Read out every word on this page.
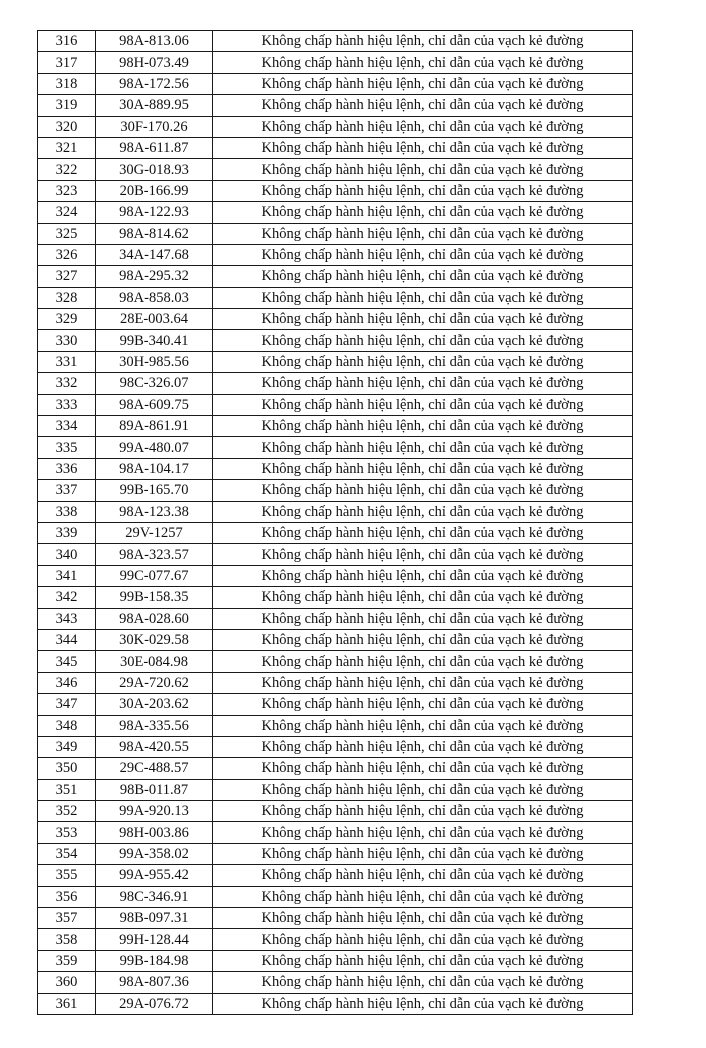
316	98A-813.06	Không chấp hành hiệu lệnh, chỉ dẫn của vạch kẻ đường
317	98H-073.49	Không chấp hành hiệu lệnh, chỉ dẫn của vạch kẻ đường
318	98A-172.56	Không chấp hành hiệu lệnh, chỉ dẫn của vạch kẻ đường
319	30A-889.95	Không chấp hành hiệu lệnh, chỉ dẫn của vạch kẻ đường
320	30F-170.26	Không chấp hành hiệu lệnh, chỉ dẫn của vạch kẻ đường
321	98A-611.87	Không chấp hành hiệu lệnh, chỉ dẫn của vạch kẻ đường
322	30G-018.93	Không chấp hành hiệu lệnh, chỉ dẫn của vạch kẻ đường
323	20B-166.99	Không chấp hành hiệu lệnh, chỉ dẫn của vạch kẻ đường
324	98A-122.93	Không chấp hành hiệu lệnh, chỉ dẫn của vạch kẻ đường
325	98A-814.62	Không chấp hành hiệu lệnh, chỉ dẫn của vạch kẻ đường
326	34A-147.68	Không chấp hành hiệu lệnh, chỉ dẫn của vạch kẻ đường
327	98A-295.32	Không chấp hành hiệu lệnh, chỉ dẫn của vạch kẻ đường
328	98A-858.03	Không chấp hành hiệu lệnh, chỉ dẫn của vạch kẻ đường
329	28E-003.64	Không chấp hành hiệu lệnh, chỉ dẫn của vạch kẻ đường
330	99B-340.41	Không chấp hành hiệu lệnh, chỉ dẫn của vạch kẻ đường
331	30H-985.56	Không chấp hành hiệu lệnh, chỉ dẫn của vạch kẻ đường
332	98C-326.07	Không chấp hành hiệu lệnh, chỉ dẫn của vạch kẻ đường
333	98A-609.75	Không chấp hành hiệu lệnh, chỉ dẫn của vạch kẻ đường
334	89A-861.91	Không chấp hành hiệu lệnh, chỉ dẫn của vạch kẻ đường
335	99A-480.07	Không chấp hành hiệu lệnh, chỉ dẫn của vạch kẻ đường
336	98A-104.17	Không chấp hành hiệu lệnh, chỉ dẫn của vạch kẻ đường
337	99B-165.70	Không chấp hành hiệu lệnh, chỉ dẫn của vạch kẻ đường
338	98A-123.38	Không chấp hành hiệu lệnh, chỉ dẫn của vạch kẻ đường
339	29V-1257	Không chấp hành hiệu lệnh, chỉ dẫn của vạch kẻ đường
340	98A-323.57	Không chấp hành hiệu lệnh, chỉ dẫn của vạch kẻ đường
341	99C-077.67	Không chấp hành hiệu lệnh, chỉ dẫn của vạch kẻ đường
342	99B-158.35	Không chấp hành hiệu lệnh, chỉ dẫn của vạch kẻ đường
343	98A-028.60	Không chấp hành hiệu lệnh, chỉ dẫn của vạch kẻ đường
344	30K-029.58	Không chấp hành hiệu lệnh, chỉ dẫn của vạch kẻ đường
345	30E-084.98	Không chấp hành hiệu lệnh, chỉ dẫn của vạch kẻ đường
346	29A-720.62	Không chấp hành hiệu lệnh, chỉ dẫn của vạch kẻ đường
347	30A-203.62	Không chấp hành hiệu lệnh, chỉ dẫn của vạch kẻ đường
348	98A-335.56	Không chấp hành hiệu lệnh, chỉ dẫn của vạch kẻ đường
349	98A-420.55	Không chấp hành hiệu lệnh, chỉ dẫn của vạch kẻ đường
350	29C-488.57	Không chấp hành hiệu lệnh, chỉ dẫn của vạch kẻ đường
351	98B-011.87	Không chấp hành hiệu lệnh, chỉ dẫn của vạch kẻ đường
352	99A-920.13	Không chấp hành hiệu lệnh, chỉ dẫn của vạch kẻ đường
353	98H-003.86	Không chấp hành hiệu lệnh, chỉ dẫn của vạch kẻ đường
354	99A-358.02	Không chấp hành hiệu lệnh, chỉ dẫn của vạch kẻ đường
355	99A-955.42	Không chấp hành hiệu lệnh, chỉ dẫn của vạch kẻ đường
356	98C-346.91	Không chấp hành hiệu lệnh, chỉ dẫn của vạch kẻ đường
357	98B-097.31	Không chấp hành hiệu lệnh, chỉ dẫn của vạch kẻ đường
358	99H-128.44	Không chấp hành hiệu lệnh, chỉ dẫn của vạch kẻ đường
359	99B-184.98	Không chấp hành hiệu lệnh, chỉ dẫn của vạch kẻ đường
360	98A-807.36	Không chấp hành hiệu lệnh, chỉ dẫn của vạch kẻ đường
361	29A-076.72	Không chấp hành hiệu lệnh, chỉ dẫn của vạch kẻ đường
